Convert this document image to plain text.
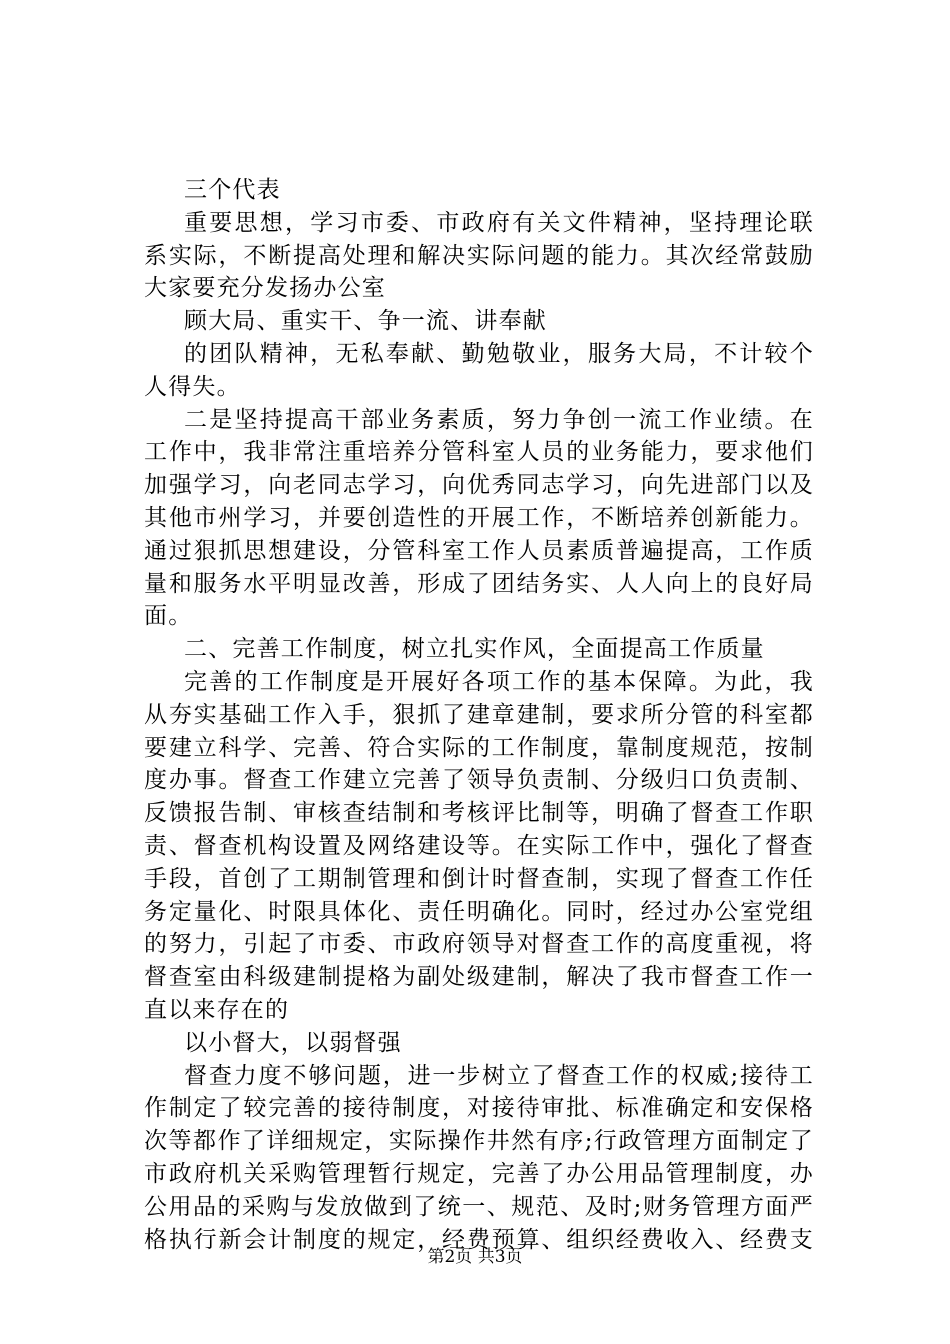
三个代表
重要思想，学习市委、市政府有关文件精神，坚持理论联
系实际，不断提高处理和解决实际问题的能力。其次经常鼓励
大家要充分发扬办公室
顾大局、重实干、争一流、讲奉献
的团队精神，无私奉献、勤勉敬业，服务大局，不计较个
人得失。
二是坚持提高干部业务素质，努力争创一流工作业绩。在
工作中，我非常注重培养分管科室人员的业务能力，要求他们
加强学习，向老同志学习，向优秀同志学习，向先进部门以及
其他市州学习，并要创造性的开展工作，不断培养创新能力。
通过狠抓思想建设，分管科室工作人员素质普遍提高，工作质
量和服务水平明显改善，形成了团结务实、人人向上的良好局
面。
二、完善工作制度，树立扎实作风，全面提高工作质量
完善的工作制度是开展好各项工作的基本保障。为此，我
从夯实基础工作入手，狠抓了建章建制，要求所分管的科室都
要建立科学、完善、符合实际的工作制度，靠制度规范，按制
度办事。督查工作建立完善了领导负责制、分级归口负责制、
反馈报告制、审核查结制和考核评比制等，明确了督查工作职
责、督查机构设置及网络建设等。在实际工作中，强化了督查
手段，首创了工期制管理和倒计时督查制，实现了督查工作任
务定量化、时限具体化、责任明确化。同时，经过办公室党组
的努力，引起了市委、市政府领导对督查工作的高度重视，将
督查室由科级建制提格为副处级建制，解决了我市督查工作一
直以来存在的
以小督大，以弱督强
督查力度不够问题，进一步树立了督查工作的权威;接待工
作制定了较完善的接待制度，对接待审批、标准确定和安保格
次等都作了详细规定，实际操作井然有序;行政管理方面制定了
市政府机关采购管理暂行规定，完善了办公用品管理制度，办
公用品的采购与发放做到了统一、规范、及时;财务管理方面严
格执行新会计制度的规定，经费预算、组织经费收入、经费支
第2页 共3页
